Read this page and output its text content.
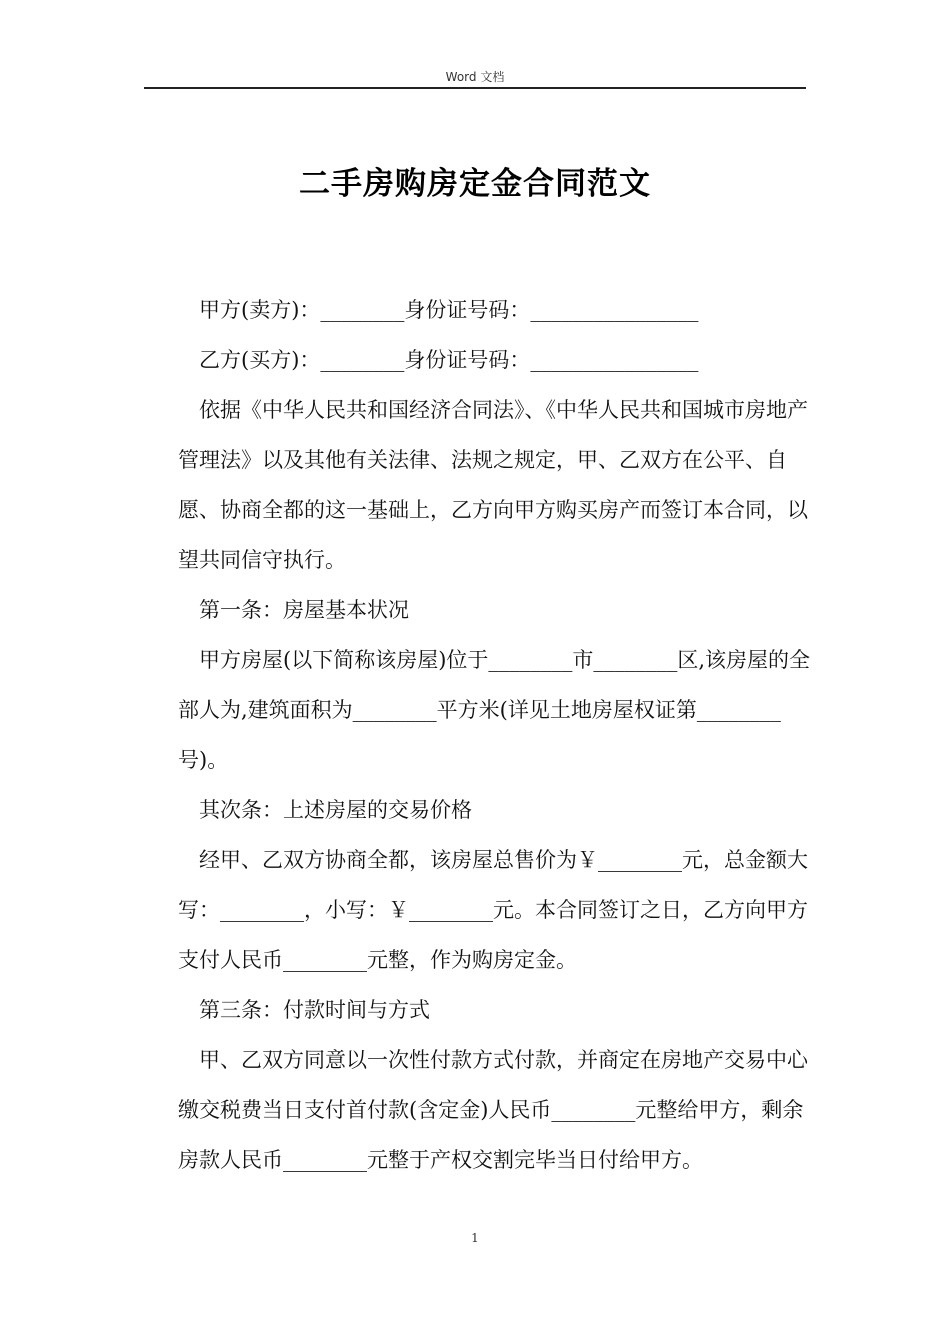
Word 文档
二手房购房定金合同范文

甲方(卖方)：________身份证号码：________________

乙方(买方)：________身份证号码：________________

依据《中华人民共和国经济合同法》、《中华人民共和国城市房地产管理法》以及其他有关法律、法规之规定，甲、乙双方在公平、自愿、协商全都的这一基础上，乙方向甲方购买房产而签订本合同，以望共同信守执行。

第一条：房屋基本状况

甲方房屋(以下简称该房屋)位于________市________区,该房屋的全部人为,建筑面积为________平方米(详见土地房屋权证第________号)。

其次条：上述房屋的交易价格

经甲、乙双方协商全都，该房屋总售价为￥________元，总金额大写：________，小写：￥________元。本合同签订之日，乙方向甲方支付人民币________元整，作为购房定金。

第三条：付款时间与方式

甲、乙双方同意以一次性付款方式付款，并商定在房地产交易中心缴交税费当日支付首付款(含定金)人民币________元整给甲方，剩余房款人民币________元整于产权交割完毕当日付给甲方。

1
